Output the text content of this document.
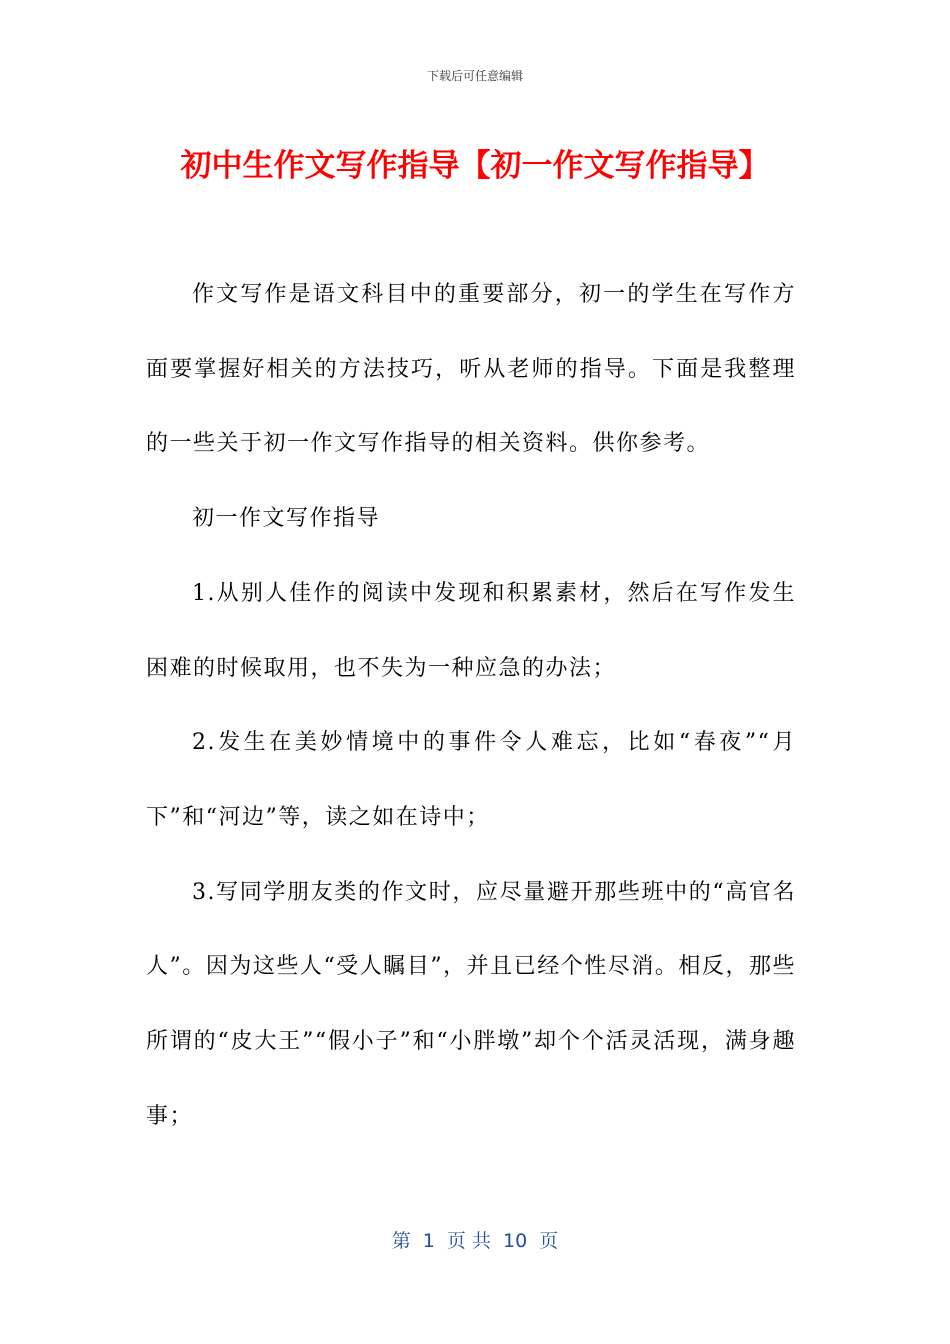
下载后可任意编辑
初中生作文写作指导【初一作文写作指导】

作文写作是语文科目中的重要部分，初一的学生在写作方面要掌握好相关的方法技巧，听从老师的指导。下面是我整理的一些关于初一作文写作指导的相关资料。供你参考。

初一作文写作指导

1.从别人佳作的阅读中发现和积累素材，然后在写作发生困难的时候取用，也不失为一种应急的办法；

2.发生在美妙情境中的事件令人难忘，比如“春夜”“月下”和“河边”等，读之如在诗中；

3.写同学朋友类的作文时，应尽量避开那些班中的“高官名人”。因为这些人“受人瞩目”，并且已经个性尽消。相反，那些所谓的“皮大王”“假小子”和“小胖墩”却个个活灵活现，满身趣事；

第  1  页 共  10  页
